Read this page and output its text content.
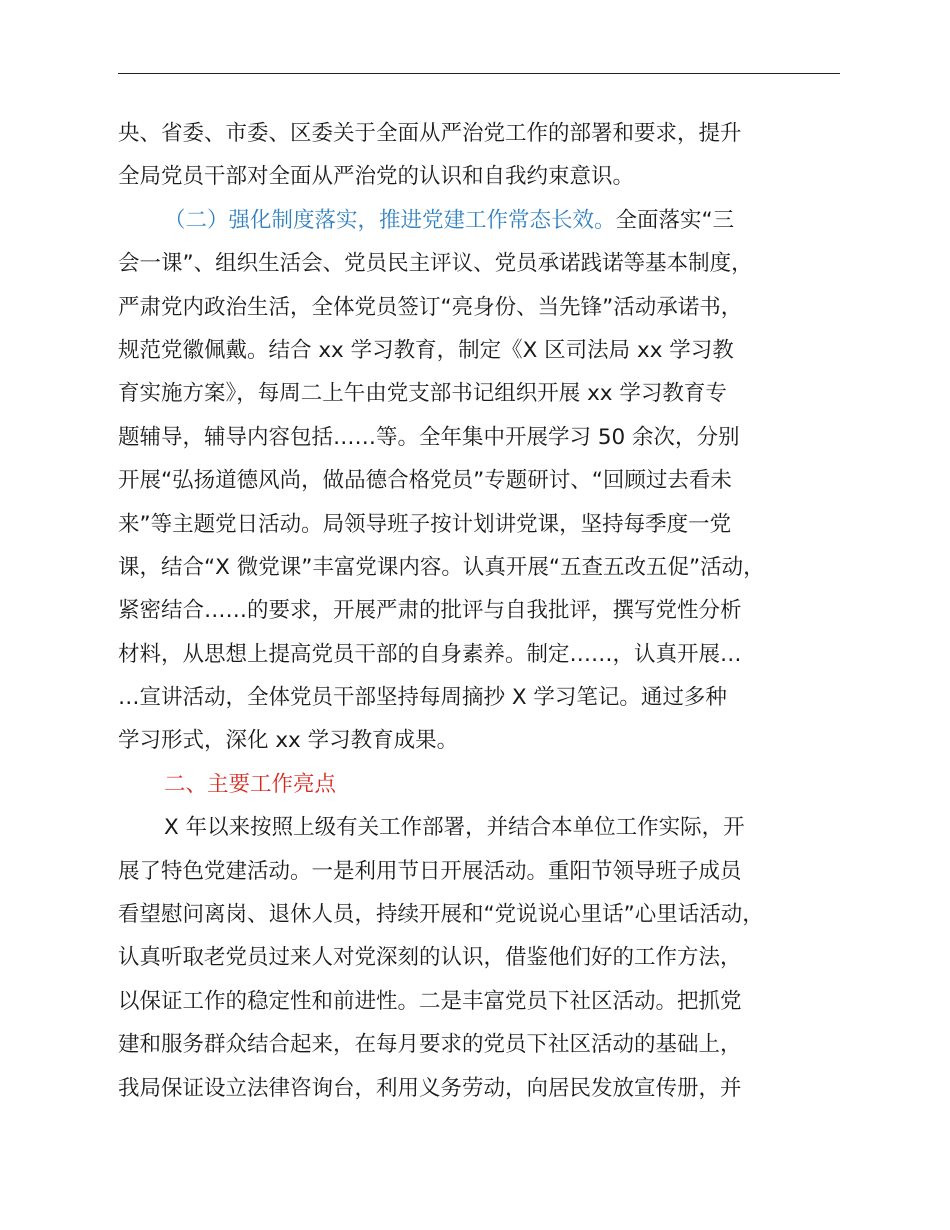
央、省委、市委、区委关于全面从严治党工作的部署和要求，提升
全局党员干部对全面从严治党的认识和自我约束意识。
（二）强化制度落实，推进党建工作常态长效。全面落实“三
会一课”、组织生活会、党员民主评议、党员承诺践诺等基本制度，
严肃党内政治生活，全体党员签订“亮身份、当先锋”活动承诺书，
规范党徽佩戴。结合 xx 学习教育，制定《X 区司法局 xx 学习教
育实施方案》，每周二上午由党支部书记组织开展 xx 学习教育专
题辅导，辅导内容包括……等。全年集中开展学习 50 余次，分别
开展“弘扬道德风尚，做品德合格党员”专题研讨、“回顾过去看未
来”等主题党日活动。局领导班子按计划讲党课，坚持每季度一党
课，结合“X 微党课”丰富党课内容。认真开展“五查五改五促”活动，
紧密结合……的要求，开展严肃的批评与自我批评，撰写党性分析
材料，从思想上提高党员干部的自身素养。制定……，认真开展…
…宣讲活动，全体党员干部坚持每周摘抄 X 学习笔记。通过多种
学习形式，深化 xx 学习教育成果。
二、主要工作亮点
X 年以来按照上级有关工作部署，并结合本单位工作实际，开
展了特色党建活动。一是利用节日开展活动。重阳节领导班子成员
看望慰问离岗、退休人员，持续开展和“党说说心里话”心里话活动，
认真听取老党员过来人对党深刻的认识，借鉴他们好的工作方法，
以保证工作的稳定性和前进性。二是丰富党员下社区活动。把抓党
建和服务群众结合起来，在每月要求的党员下社区活动的基础上，
我局保证设立法律咨询台，利用义务劳动，向居民发放宣传册，并
